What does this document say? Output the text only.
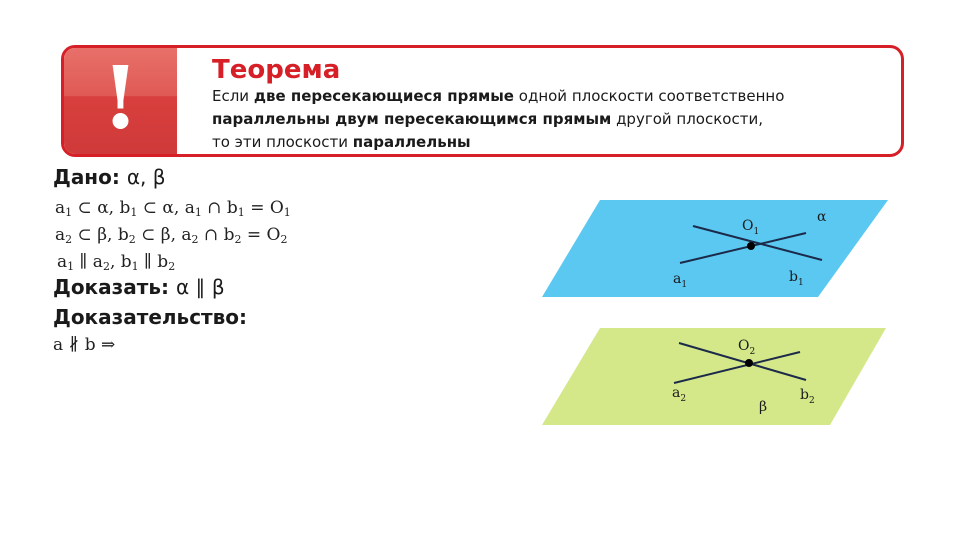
!	Теорема
Если две пересекающиеся прямые одной плоскости соответственно
параллельны двум пересекающимся прямым другой плоскости,
то эти плоскости параллельны
Дано: α, β
$a_1$ ⊂ α, $b_1$ ⊂ α, $a_1$ ∩ $b_1 = O_1$
$a_2$ ⊂ β, $b_2$ ⊂ β, $a_2$ ∩ $b_2 = O_2$
$a_1$ ∥ $a_2$, $b_1$ ∥ $b_2$
Доказать: α ∥ β
Доказательство:
a ∦ b ⇒
$O_1$
α
$a_1$	$b_1$
$O_2$
β
$a_2$	$b_2$
